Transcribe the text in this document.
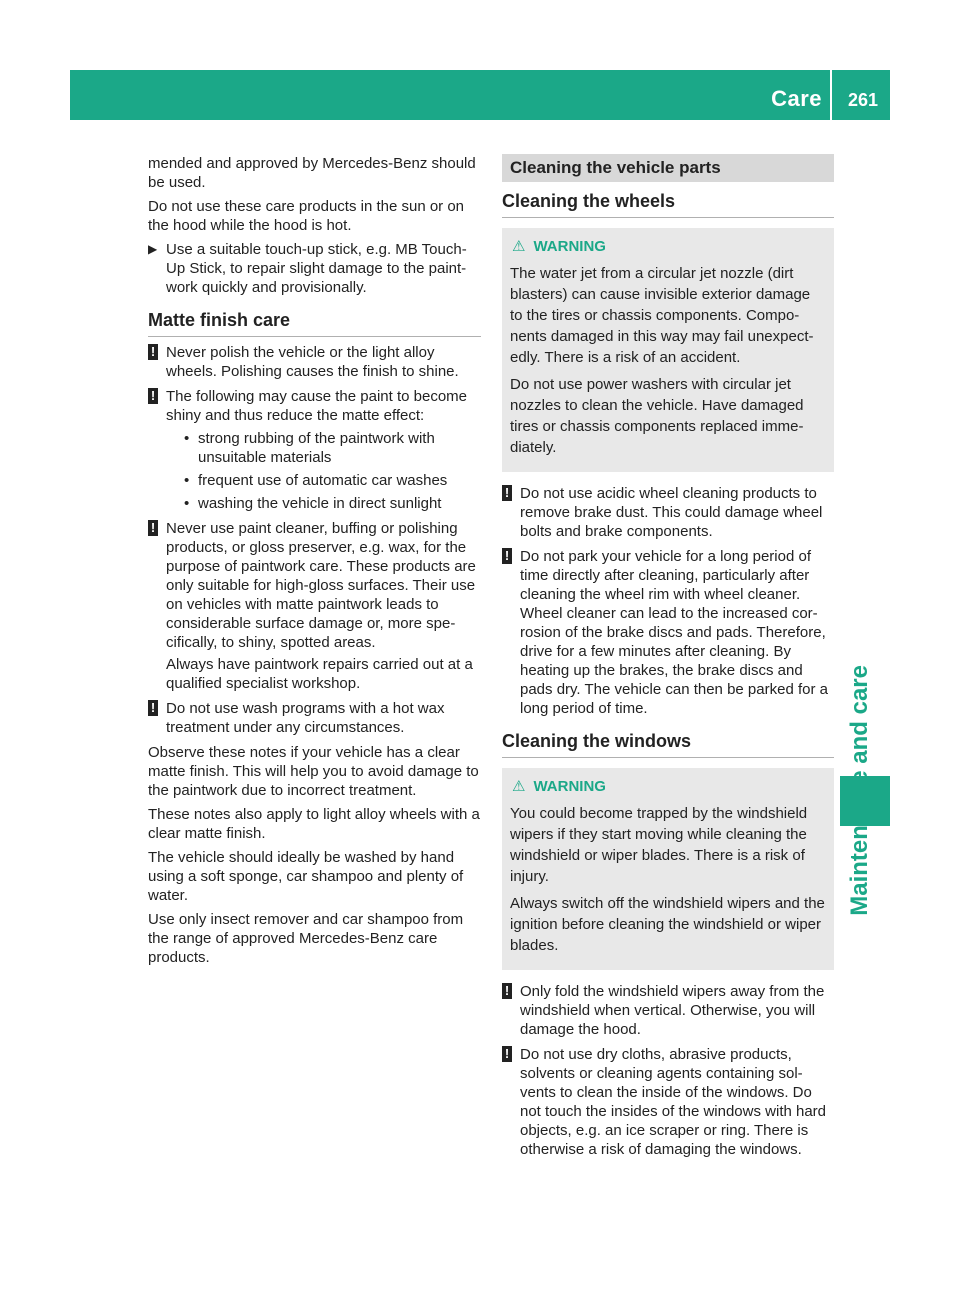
Care 261

mended and approved by Mercedes-Benz should be used.

Do not use these care products in the sun or on the hood while the hood is hot.

▶ Use a suitable touch-up stick, e.g. MB Touch-Up Stick, to repair slight damage to the paint-work quickly and provisionally.
Matte finish care
! Never polish the vehicle or the light alloy wheels. Polishing causes the finish to shine.
! The following may cause the paint to become shiny and thus reduce the matte effect:
• strong rubbing of the paintwork with unsuitable materials
• frequent use of automatic car washes
• washing the vehicle in direct sunlight
! Never use paint cleaner, buffing or polishing products, or gloss preserver, e.g. wax, for the purpose of paintwork care. These products are only suitable for high-gloss surfaces. Their use on vehicles with matte paintwork leads to considerable surface damage or, more spe-cifically, to shiny, spotted areas.
Always have paintwork repairs carried out at a qualified specialist workshop.
! Do not use wash programs with a hot wax treatment under any circumstances.

Observe these notes if your vehicle has a clear matte finish. This will help you to avoid damage to the paintwork due to incorrect treatment.

These notes also apply to light alloy wheels with a clear matte finish.

The vehicle should ideally be washed by hand using a soft sponge, car shampoo and plenty of water.

Use only insect remover and car shampoo from the range of approved Mercedes-Benz care products.

Cleaning the vehicle parts
Cleaning the wheels
⚠ WARNING

The water jet from a circular jet nozzle (dirt blasters) can cause invisible exterior damage to the tires or chassis components. Compo-nents damaged in this way may fail unexpect-edly. There is a risk of an accident.

Do not use power washers with circular jet nozzles to clean the vehicle. Have damaged tires or chassis components replaced imme-diately.

! Do not use acidic wheel cleaning products to remove brake dust. This could damage wheel bolts and brake components.
! Do not park your vehicle for a long period of time directly after cleaning, particularly after cleaning the wheel rim with wheel cleaner. Wheel cleaner can lead to the increased cor-rosion of the brake discs and pads. Therefore, drive for a few minutes after cleaning. By heating up the brakes, the brake discs and pads dry. The vehicle can then be parked for a long period of time.
Cleaning the windows
⚠ WARNING

You could become trapped by the windshield wipers if they start moving while cleaning the windshield or wiper blades. There is a risk of injury.

Always switch off the windshield wipers and the ignition before cleaning the windshield or wiper blades.

! Only fold the windshield wipers away from the windshield when vertical. Otherwise, you will damage the hood.
! Do not use dry cloths, abrasive products, solvents or cleaning agents containing sol-vents to clean the inside of the windows. Do not touch the insides of the windows with hard objects, e.g. an ice scraper or ring. There is otherwise a risk of damaging the windows.
